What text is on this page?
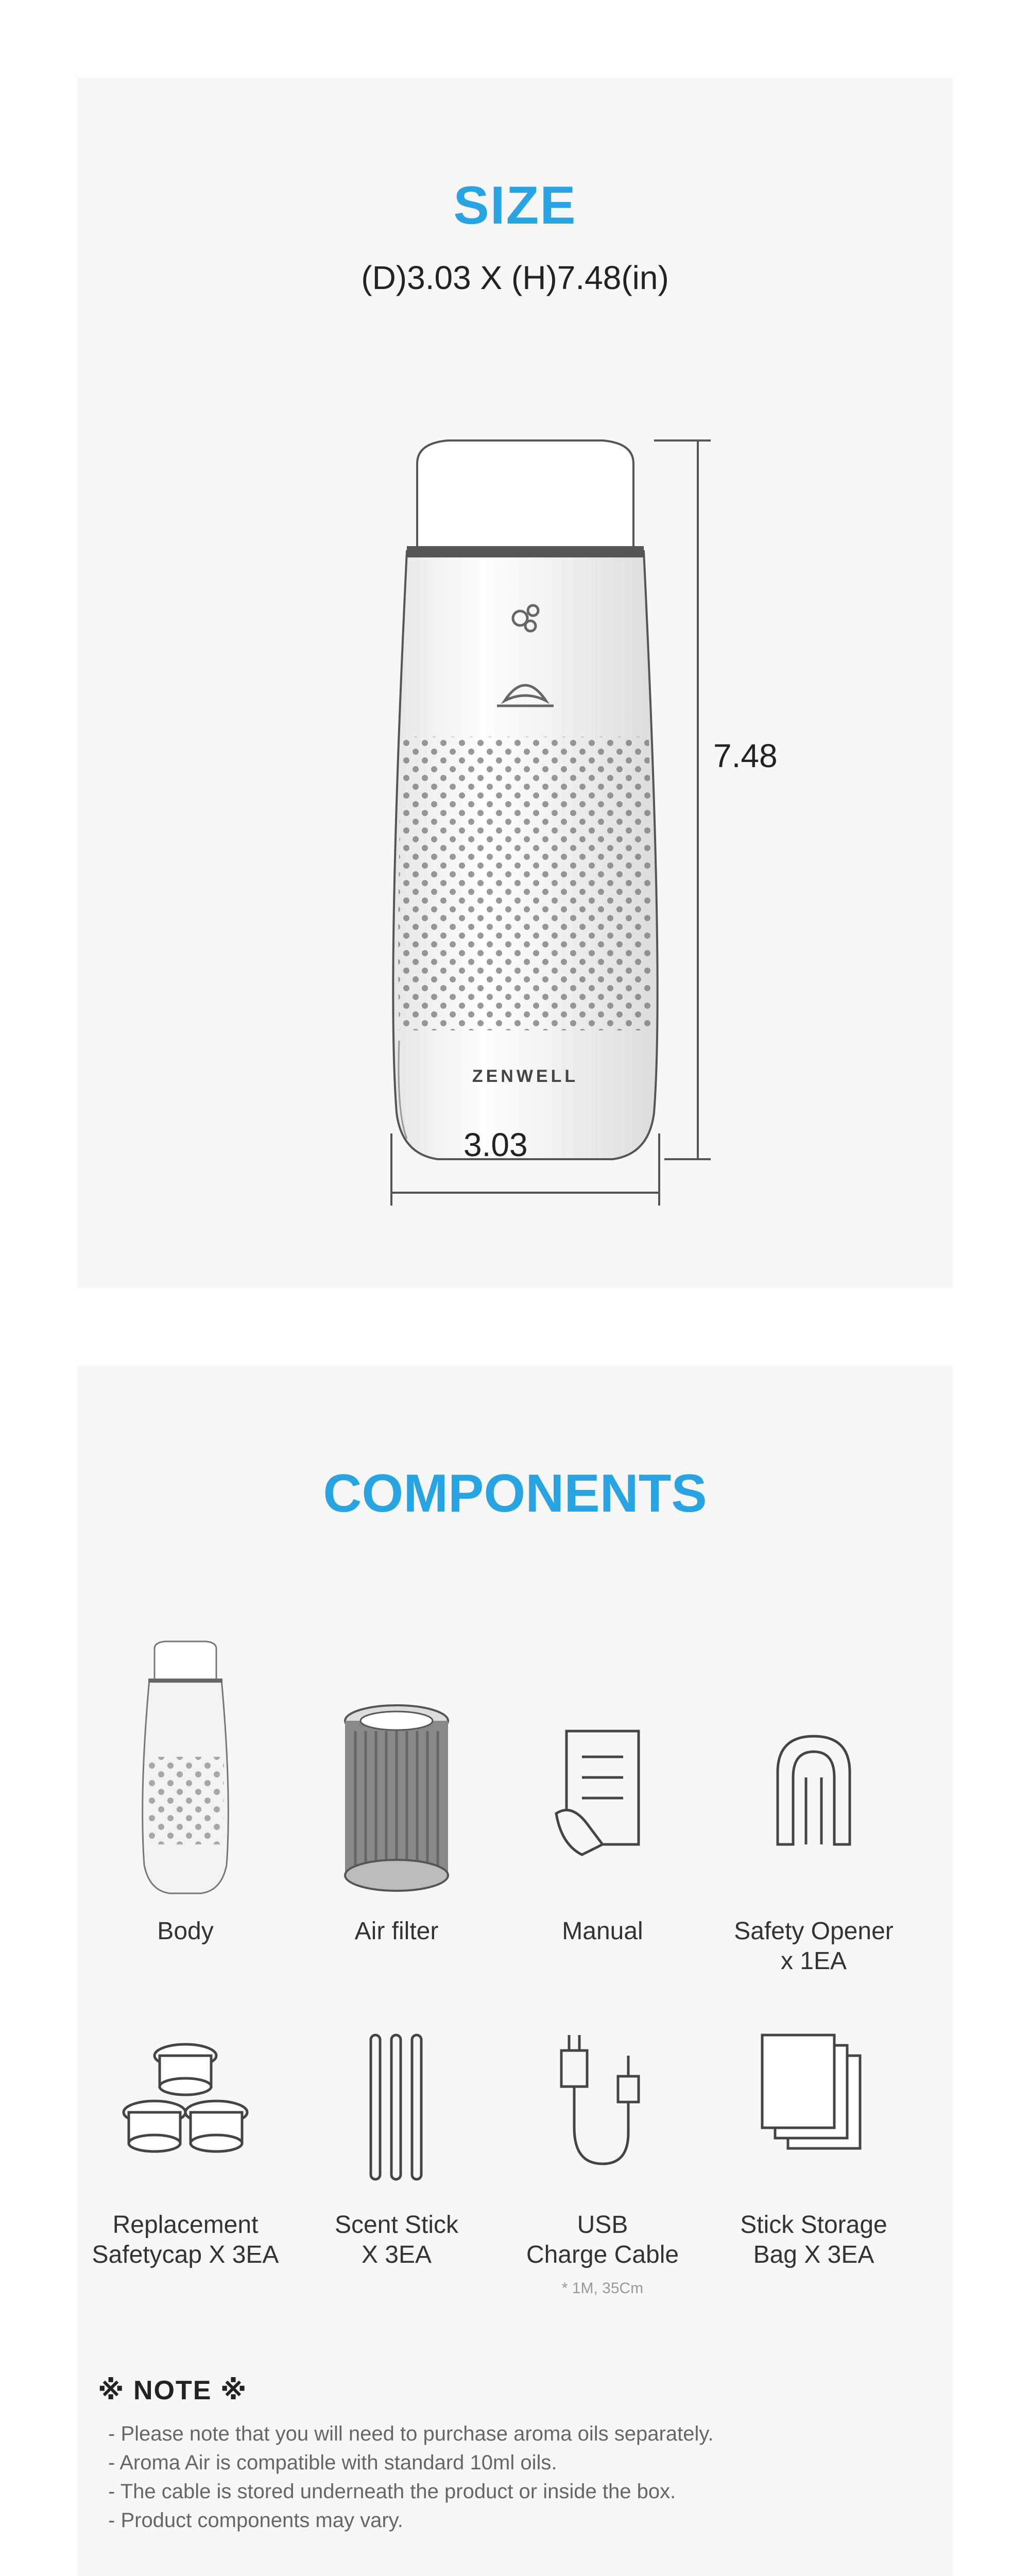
SIZE
(D)3.03 X (H)7.48(in)
ZENWELL
7.48
3.03
COMPONENTS
Body	Air filter	Manual	Safety Opener
x 1EA
Replacement
Safetycap X 3EA
Scent Stick
X 3EA
USB
Charge Cable
* 1M, 35Cm
Stick Storage
Bag X 3EA
※ NOTE ※
- Please note that you will need to purchase aroma oils separately.
- Aroma Air is compatible with standard 10ml oils.
- The cable is stored underneath the product or inside the box.
- Product components may vary.
